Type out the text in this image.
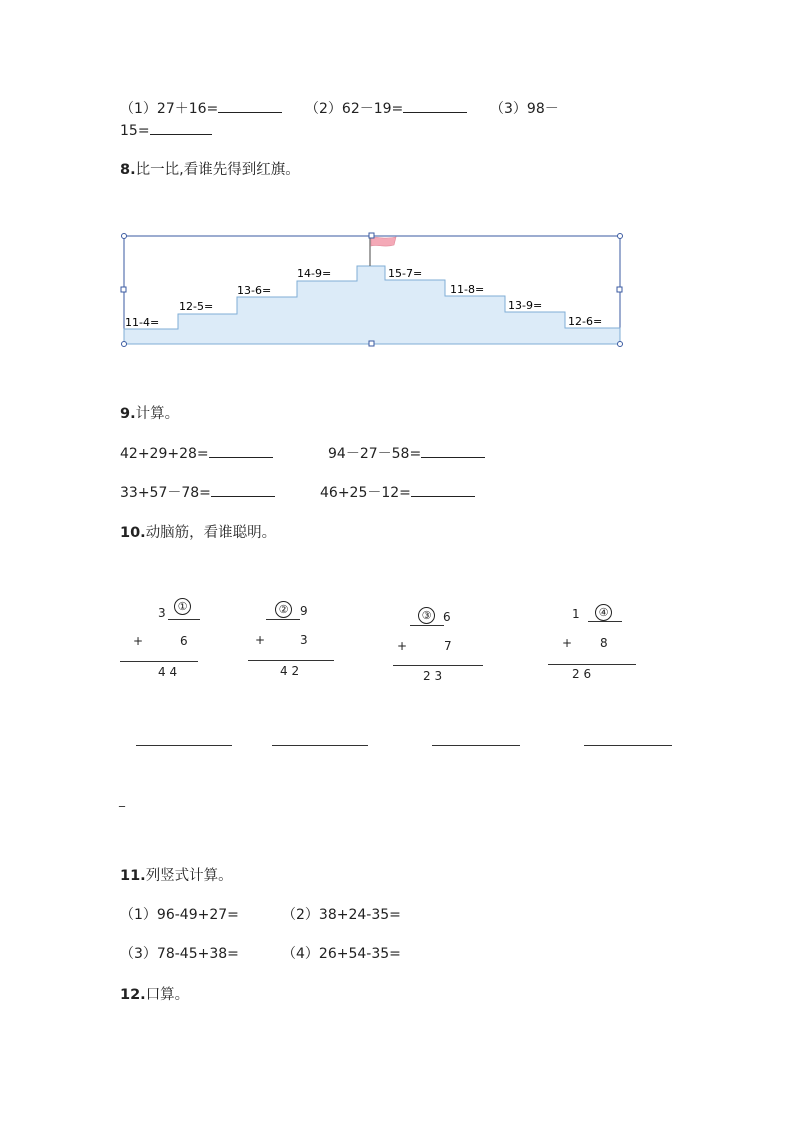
（1）27＋16=	（2）62－19=	（3）98－
15=
8.比一比,看谁先得到红旗。
11-4=
12-5=
13-6=
14-9=	15-7=
11-8=
13-9=
12-6=
9.计算。
42+29+28=	94－27－58=
33+57－78=	46+25－12=
10.动脑筋，看谁聪明。
3	①
+	6
4 4
② 9
+	3
4 2
③ 6
+	7
2 3
1	④
+ 8
2 6
_
11.列竖式计算。
（1）96-49+27=	（2）38+24-35=
（3）78-45+38=	（4）26+54-35=
12.口算。
